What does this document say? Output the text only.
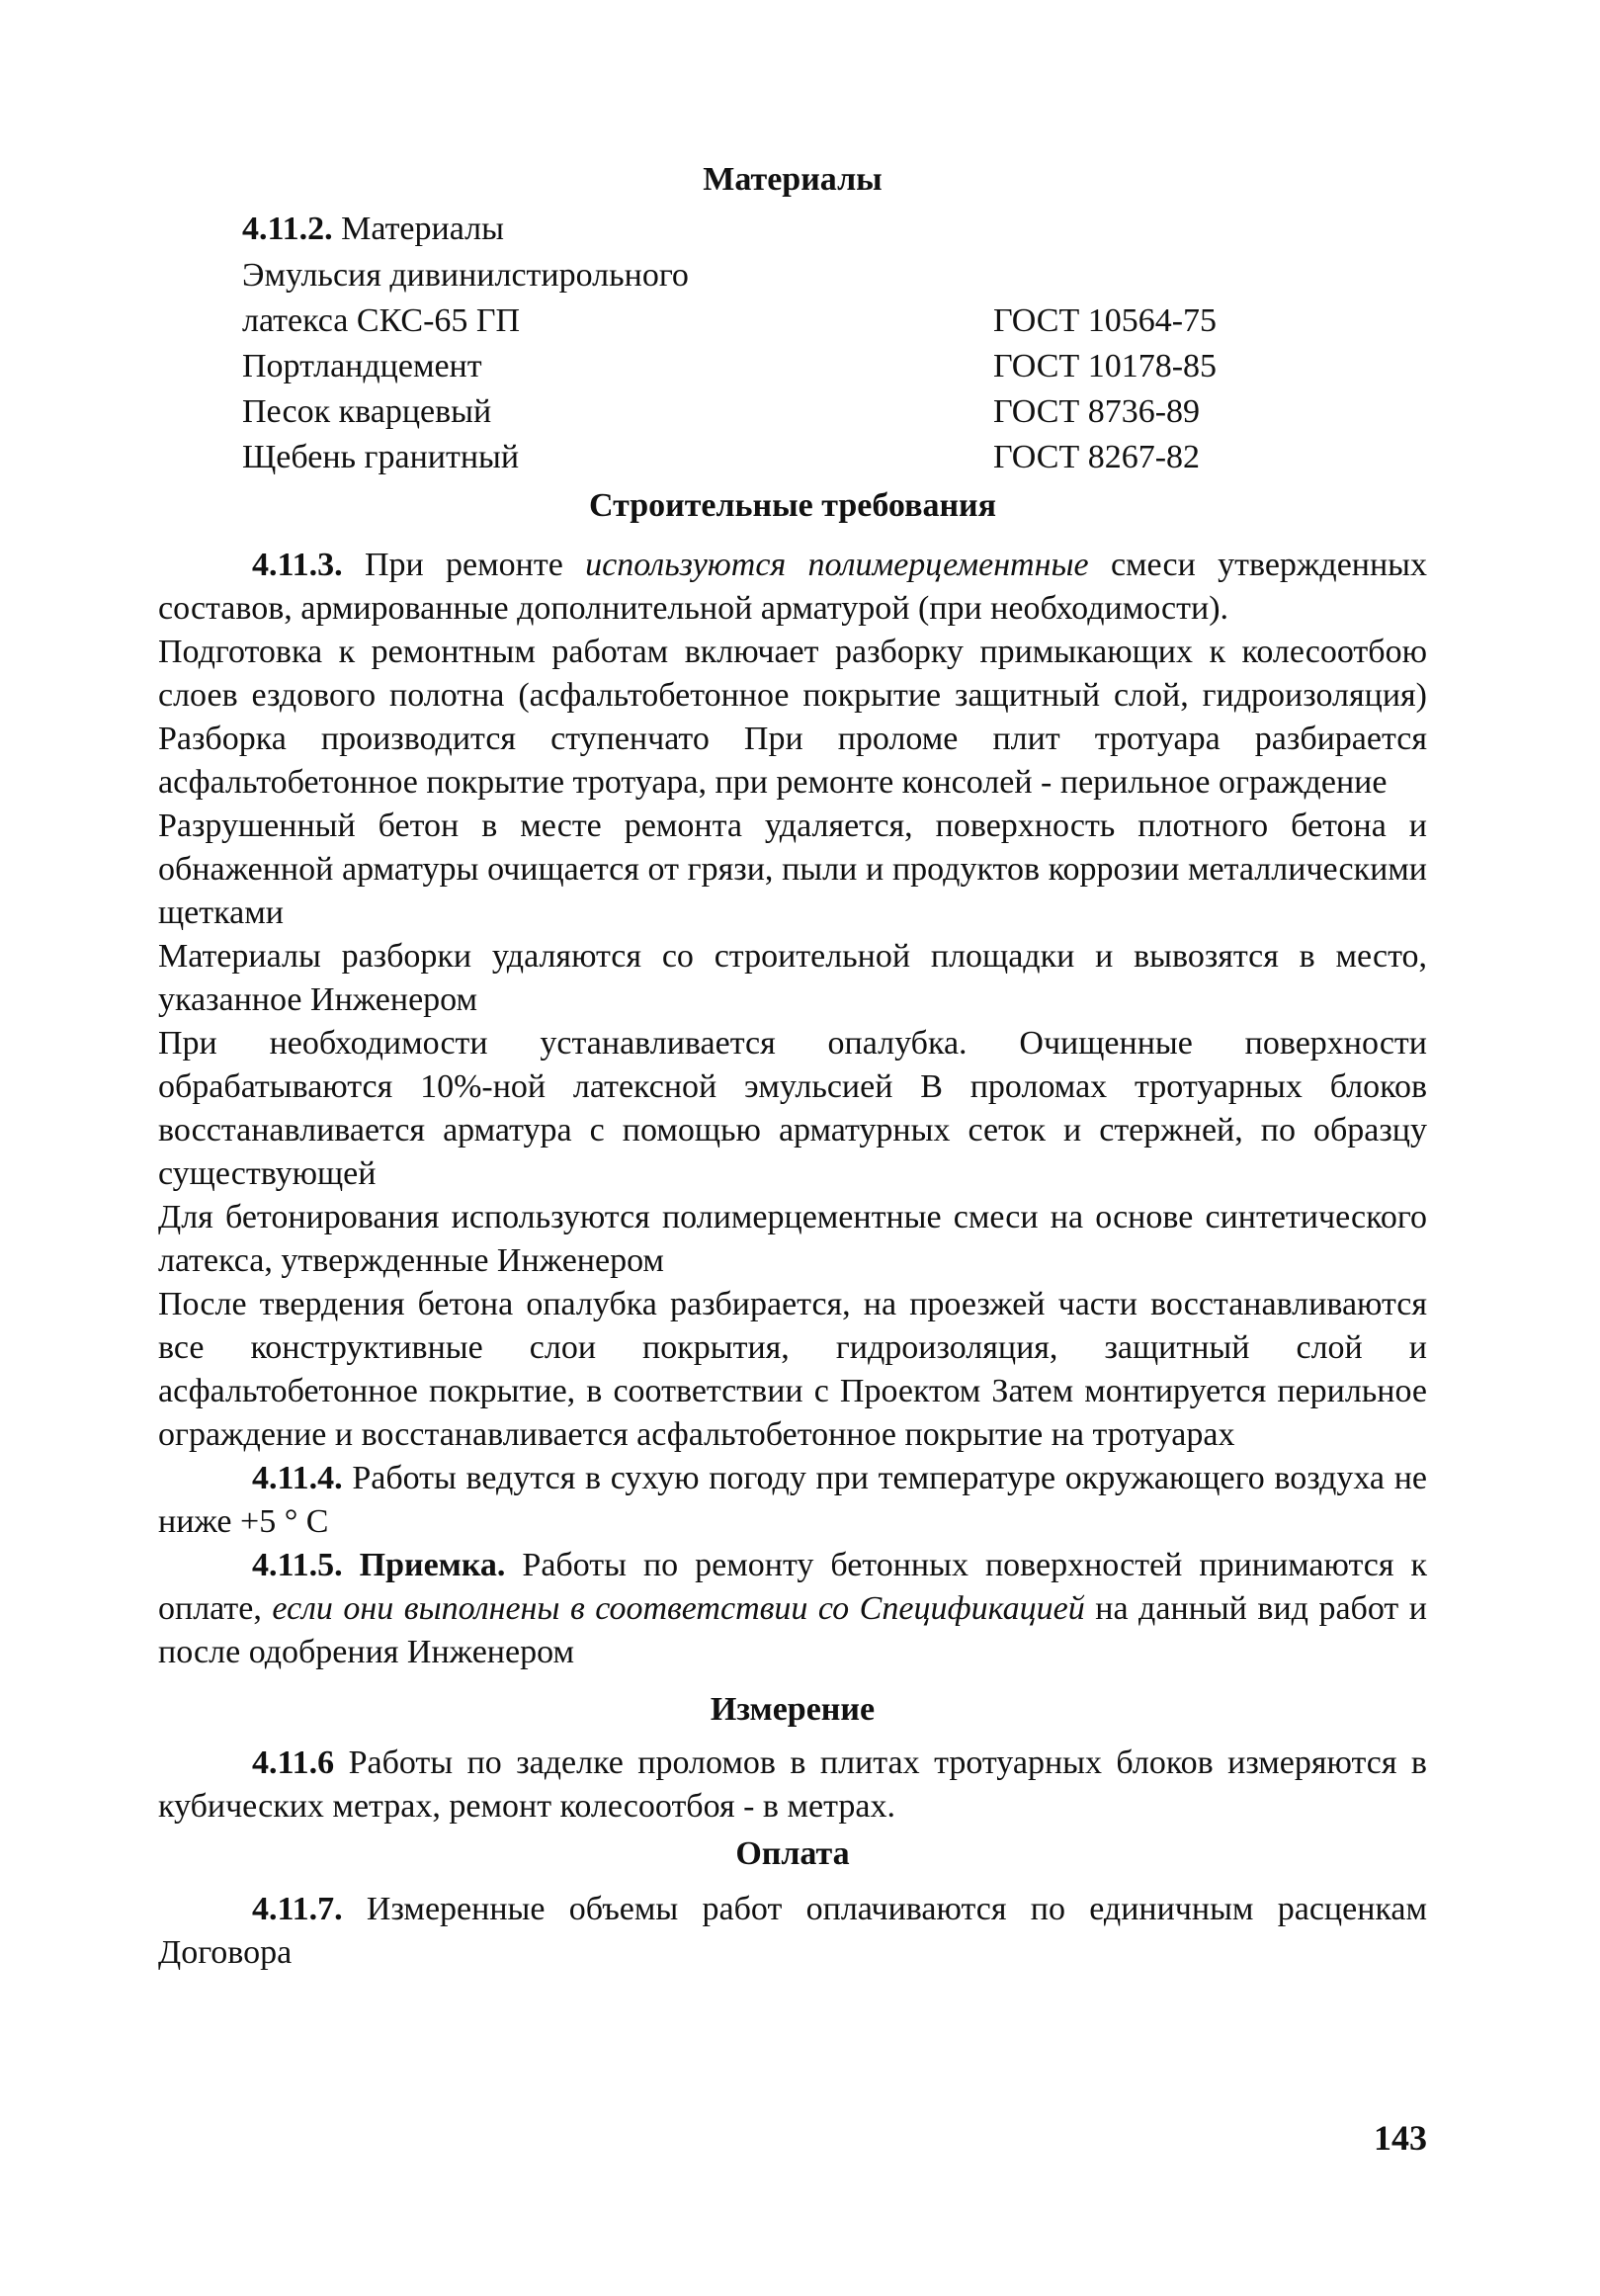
Материалы

4.11.2. Материалы
Эмульсия дивинилстирольного
латекса СКС-65 ГП	ГОСТ 10564-75
Портландцемент	ГОСТ 10178-85
Песок кварцевый	ГОСТ 8736-89
Щебень гранитный	ГОСТ 8267-82

Строительные требования

4.11.3. При ремонте используются полимерцементные смеси утвержденных составов, армированные дополнительной арматурой (при необходимости).

Подготовка к ремонтным работам включает разборку примыкающих к колесоотбою слоев ездового полотна (асфальтобетонное покрытие защитный слой, гидроизоляция) Разборка производится ступенчато При проломе плит тротуара разбирается асфальтобетонное покрытие тротуара, при ремонте консолей - перильное ограждение

Разрушенный бетон в месте ремонта удаляется, поверхность плотного бетона и обнаженной арматуры очищается от грязи, пыли и продуктов коррозии металлическими щетками

Материалы разборки удаляются со строительной площадки и вывозятся в место, указанное Инженером

При необходимости устанавливается опалубка. Очищенные поверхности обрабатываются 10%-ной латексной эмульсией В проломах тротуарных блоков восстанавливается арматура с помощью арматурных сеток и стержней, по образцу существующей

Для бетонирования используются полимерцементные смеси на основе синтетического латекса, утвержденные Инженером

После твердения бетона опалубка разбирается, на проезжей части восстанавливаются все конструктивные слои покрытия, гидроизоляция, защитный слой и асфальтобетонное покрытие, в соответствии с Проектом Затем монтируется перильное ограждение и восстанавливается асфальтобетонное покрытие на тротуарах

4.11.4. Работы ведутся в сухую погоду при температуре окружающего воздуха не ниже +5 ° С

4.11.5. Приемка. Работы по ремонту бетонных поверхностей принимаются к оплате, если они выполнены в соответствии со Спецификацией на данный вид работ и после одобрения Инженером

Измерение

4.11.6 Работы по заделке проломов в плитах тротуарных блоков измеряются в кубических метрах, ремонт колесоотбоя - в метрах.

Оплата

4.11.7. Измеренные объемы работ оплачиваются по единичным расценкам Договора

143
